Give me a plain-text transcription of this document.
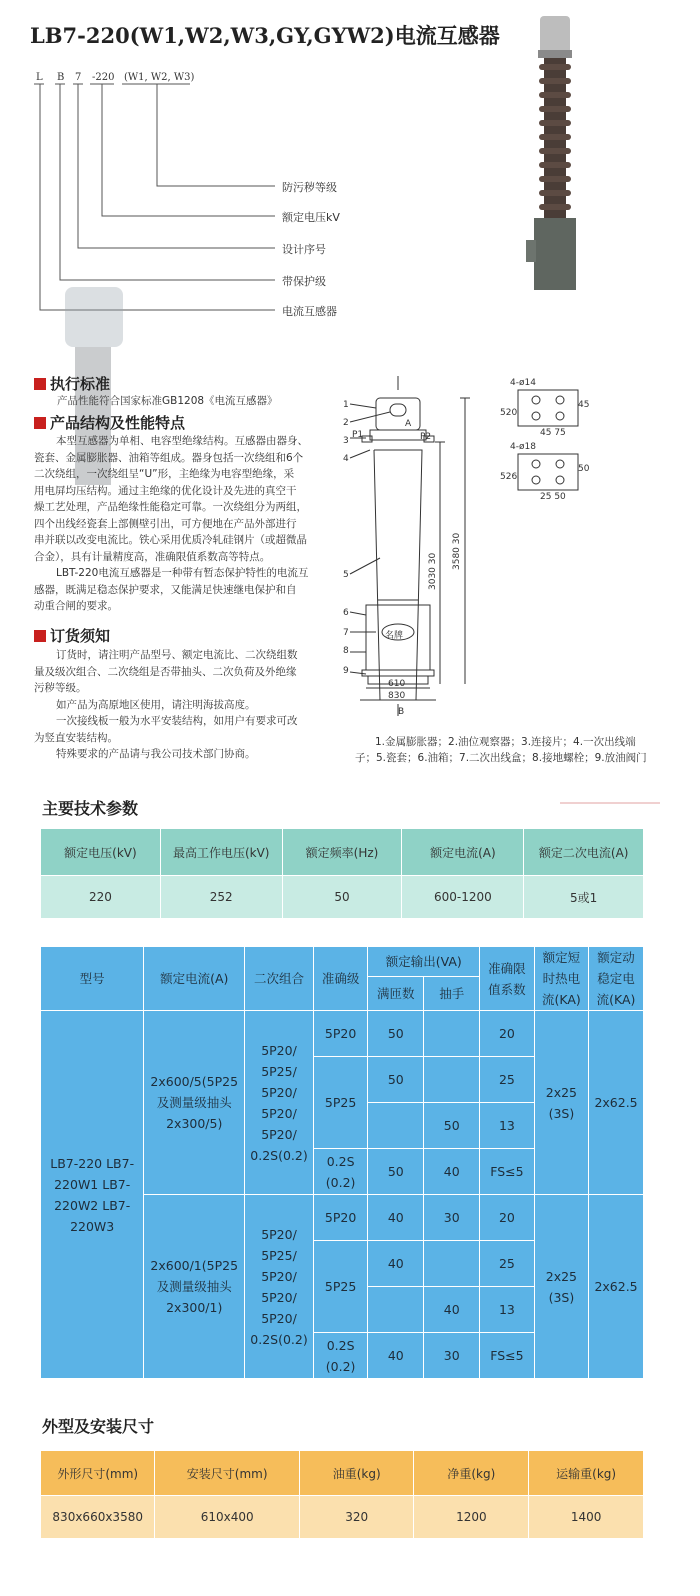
LB7-220(W1,W2,W3,GY,GYW2)电流互感器
L B 7 -220 (W1, W2, W3)
防污秽等级
额定电压kV
设计序号
带保护级
电流互感器
执行标准
产品性能符合国家标准GB1208《电流互感器》
产品结构及性能特点
本型互感器为单相、电容型绝缘结构。互感器由器身、
瓷套、金属膨胀器、油箱等组成。器身包括一次绕组和6个
二次绕组，一次绕组呈“U”形，主绝缘为电容型绝缘，采
用电屏均压结构。通过主绝缘的优化设计及先进的真空干
燥工艺处理，产品绝缘性能稳定可靠。一次绕组分为两组，
四个出线经瓷套上部侧壁引出，可方便地在产品外部进行
串并联以改变电流比。铁心采用优质冷轧硅钢片（或超微晶
合金），具有计量精度高，准确限值系数高等特点。
LBT-220电流互感器是一种带有暂态保护特性的电流互
感器，既满足稳态保护要求，又能满足快速继电保护和自
动重合闸的要求。
订货须知
订货时，请注明产品型号、额定电流比、二次绕组数
量及级次组合、二次绕组是否带抽头、二次负荷及外绝缘
污秽等级。
如产品为高原地区使用，请注明海拔高度。
一次接线板一般为水平安装结构，如用户有要求可改
为竖直安装结构。
特殊要求的产品请与我公司技术部门协商。
1
2
P1
3
4
5
6
7
8
9
A
P2
B
名牌
3580 30
3030 30
610
830
4-ø14
520
45
45 75
4-ø18
526
50
25 50
1.金属膨胀器；2.油位观察器；3.连接片；4.一次出线端
子；5.瓷套；6.油箱；7.二次出线盒；8.接地螺栓；9.放油阀门
主要技术参数
额定电压(kV)	最高工作电压(kV)	额定频率(Hz)	额定电流(A)	额定二次电流(A)
220	252	50	600-1200	5或1
型号	额定电流(A)	二次组合	准确级	额定输出(VA)		准确限值系数	额定短时热电流(KA)	额定动稳定电流(KA)
				满匝数	抽手			
LB7-220 LB7-220W1 LB7-220W2 LB7-220W3	2x600/5(5P25及测量级抽头2x300/5)	5P20/ 5P25/ 5P20/ 5P20/ 5P20/ 0.2S(0.2)	5P20	50		20	2x25 (3S)	2x62.5
			5P25	50		25		
					50	13		
			0.2S (0.2)	50	40	FS≤5		
	2x600/1(5P25及测量级抽头2x300/1)	5P20/ 5P25/ 5P20/ 5P20/ 5P20/ 0.2S(0.2)	5P20	40	30	20	2x25 (3S)	2x62.5
			5P25	40		25		
					40	13		
			0.2S (0.2)	40	30	FS≤5		
外型及安装尺寸
外形尺寸(mm)	安装尺寸(mm)	油重(kg)	净重(kg)	运输重(kg)
830x660x3580	610x400	320	1200	1400
